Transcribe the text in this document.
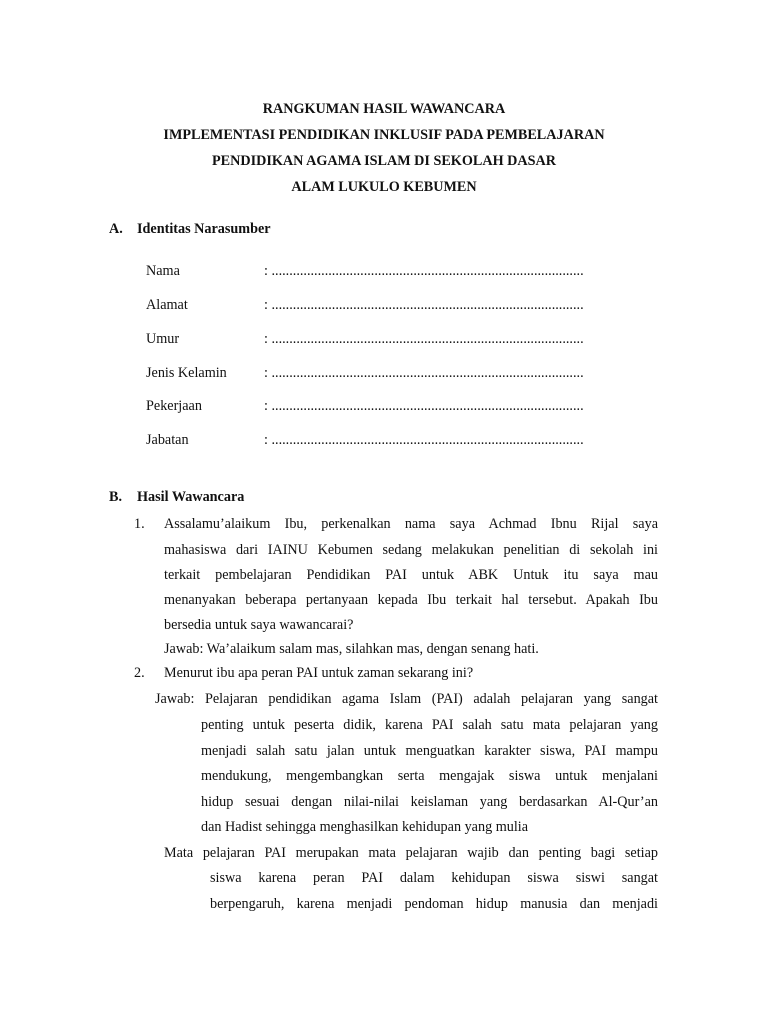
RANGKUMAN HASIL WAWANCARA
IMPLEMENTASI PENDIDIKAN INKLUSIF PADA PEMBELAJARAN
PENDIDIKAN AGAMA ISLAM DI SEKOLAH DASAR
ALAM LUKULO KEBUMEN
A. Identitas Narasumber
Nama	: ........................................................................................
Alamat	: ........................................................................................
Umur	: ........................................................................................
Jenis Kelamin	: ........................................................................................
Pekerjaan	: ........................................................................................
Jabatan	: ........................................................................................
B. Hasil Wawancara
1. Assalamu’alaikum Ibu, perkenalkan nama saya Achmad Ibnu Rijal saya
mahasiswa dari IAINU Kebumen sedang melakukan penelitian di sekolah ini
terkait pembelajaran Pendidikan PAI untuk ABK Untuk itu saya mau
menanyakan beberapa pertanyaan kepada Ibu terkait hal tersebut. Apakah Ibu
bersedia untuk saya wawancarai?
Jawab: Wa’alaikum salam mas, silahkan mas, dengan senang hati.
2. Menurut ibu apa peran PAI untuk zaman sekarang ini?
Jawab: Pelajaran pendidikan agama Islam (PAI) adalah pelajaran yang sangat
penting untuk peserta didik, karena PAI salah satu mata pelajaran yang
menjadi salah satu jalan untuk menguatkan karakter siswa, PAI mampu
mendukung, mengembangkan serta mengajak siswa untuk menjalani
hidup sesuai dengan nilai-nilai keislaman yang berdasarkan Al-Qur’an
dan Hadist sehingga menghasilkan kehidupan yang mulia
Mata pelajaran PAI merupakan mata pelajaran wajib dan penting bagi setiap
siswa karena peran PAI dalam kehidupan siswa siswi sangat
berpengaruh, karena menjadi pendoman hidup manusia dan menjadi
